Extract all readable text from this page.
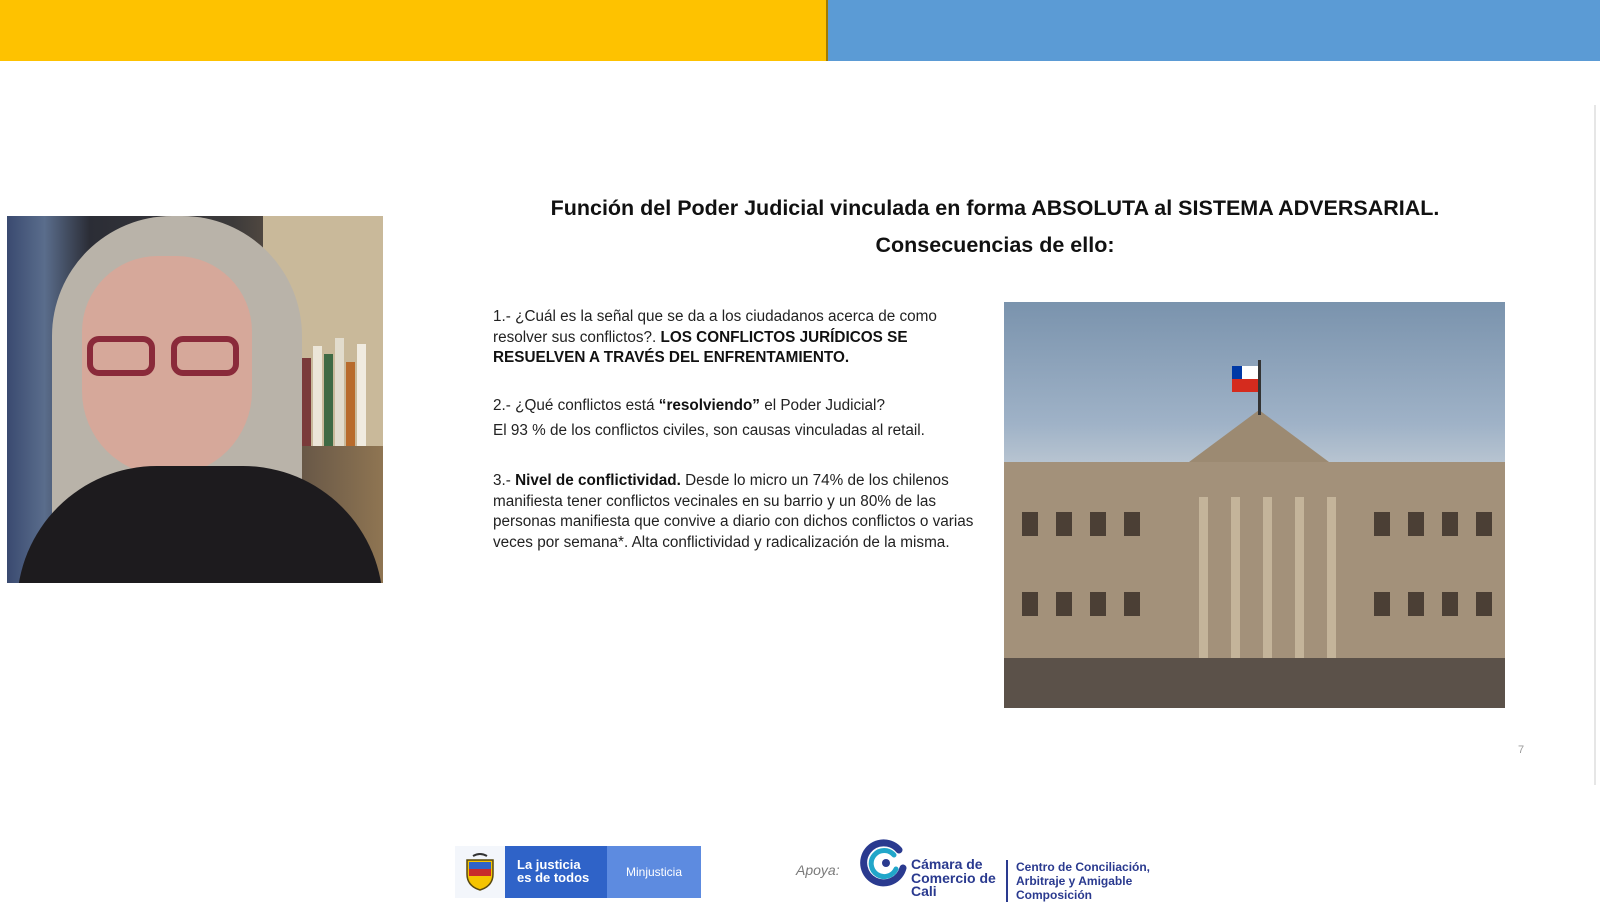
Función del Poder Judicial vinculada en forma ABSOLUTA al SISTEMA ADVERSARIAL.
Consecuencias de ello:
1.- ¿Cuál es la señal que se da a los ciudadanos acerca de como resolver sus conflictos?. LOS CONFLICTOS JURÍDICOS SE RESUELVEN A TRAVÉS DEL ENFRENTAMIENTO.
2.- ¿Qué conflictos está “resolviendo” el Poder Judicial?
El 93 % de los conflictos civiles, son causas vinculadas al retail.
3.- Nivel de conflictividad. Desde lo micro un 74% de los chilenos manifiesta tener conflictos vecinales en su barrio y un 80% de las personas manifiesta que convive a diario con dichos conflictos o varias veces por semana*. Alta conflictividad y radicalización de la misma.
7
La justicia
es de todos	Minjusticia	Apoya:	Cámara de
Comercio de
Cali
Centro de Conciliación,
Arbitraje y Amigable
Composición
